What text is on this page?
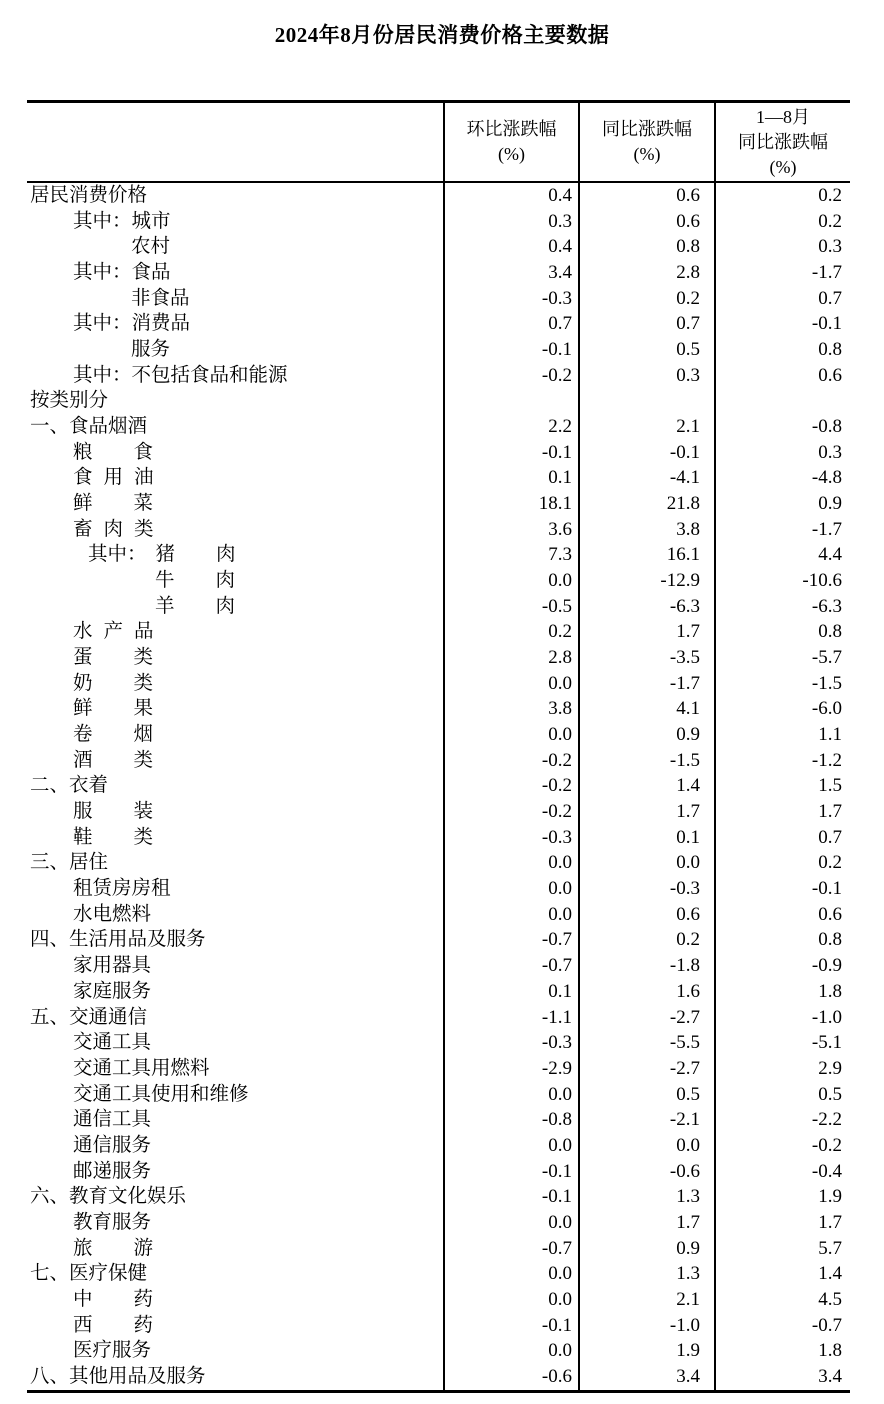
2024年8月份居民消费价格主要数据
环比涨跌幅
(%)
同比涨跌幅
(%)
1—8月
同比涨跌幅
(%)
居民消费价格	0.4	0.6	0.2
其中：城市	0.3	0.6	0.2
农村	0.4	0.8	0.3
其中：食品	3.4	2.8	-1.7
非食品	-0.3	0.2	0.7
其中：消费品	0.7	0.7	-0.1
服务	-0.1	0.5	0.8
其中：不包括食品和能源	-0.2	0.3	0.6
按类别分
一、食品烟酒	2.2	2.1	-0.8
粮食	-0.1	-0.1	0.3
食用油	0.1	-4.1	-4.8
鲜菜	18.1	21.8	0.9
畜肉类	3.6	3.8	-1.7
其中： 猪肉	7.3	16.1	4.4
牛肉	0.0	-12.9	-10.6
羊肉	-0.5	-6.3	-6.3
水产品	0.2	1.7	0.8
蛋类	2.8	-3.5	-5.7
奶类	0.0	-1.7	-1.5
鲜果	3.8	4.1	-6.0
卷烟	0.0	0.9	1.1
酒类	-0.2	-1.5	-1.2
二、衣着	-0.2	1.4	1.5
服装	-0.2	1.7	1.7
鞋类	-0.3	0.1	0.7
三、居住	0.0	0.0	0.2
租赁房房租	0.0	-0.3	-0.1
水电燃料	0.0	0.6	0.6
四、生活用品及服务	-0.7	0.2	0.8
家用器具	-0.7	-1.8	-0.9
家庭服务	0.1	1.6	1.8
五、交通通信	-1.1	-2.7	-1.0
交通工具	-0.3	-5.5	-5.1
交通工具用燃料	-2.9	-2.7	2.9
交通工具使用和维修	0.0	0.5	0.5
通信工具	-0.8	-2.1	-2.2
通信服务	0.0	0.0	-0.2
邮递服务	-0.1	-0.6	-0.4
六、教育文化娱乐	-0.1	1.3	1.9
教育服务	0.0	1.7	1.7
旅游	-0.7	0.9	5.7
七、医疗保健	0.0	1.3	1.4
中药	0.0	2.1	4.5
西药	-0.1	-1.0	-0.7
医疗服务	0.0	1.9	1.8
八、其他用品及服务	-0.6	3.4	3.4
